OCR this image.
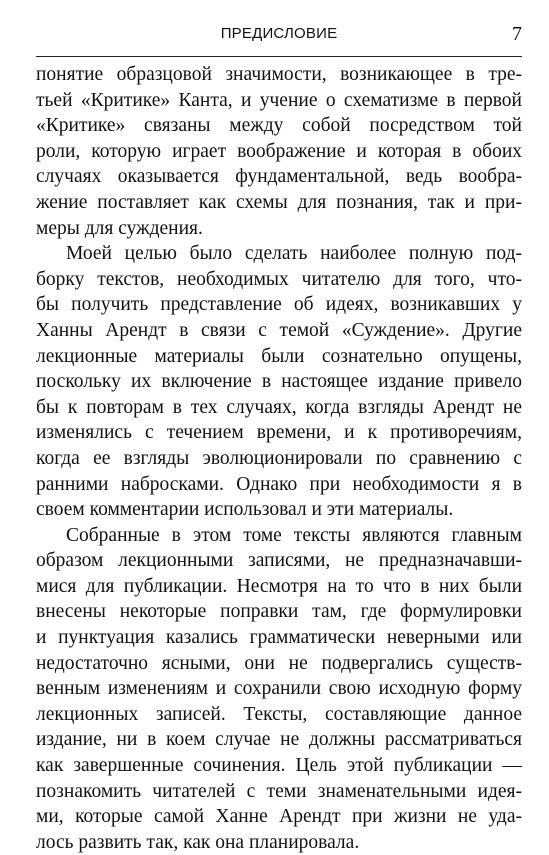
ПРЕДИСЛОВИЕ	7
понятие образцовой значимости, возникающее в тре-
тьей «Критике» Канта, и учение о схематизме в первой
«Критике» связаны между собой посредством той
роли, которую играет воображение и которая в обоих
случаях оказывается фундаментальной, ведь вообра-
жение поставляет как схемы для познания, так и при-
меры для суждения.
Моей целью было сделать наиболее полную под-
борку текстов, необходимых читателю для того, что-
бы получить представление об идеях, возникавших у
Ханны Арендт в связи с темой «Суждение». Другие
лекционные материалы были сознательно опущены,
поскольку их включение в настоящее издание привело
бы к повторам в тех случаях, когда взгляды Арендт не
изменялись с течением времени, и к противоречиям,
когда ее взгляды эволюционировали по сравнению с
ранними набросками. Однако при необходимости я в
своем комментарии использовал и эти материалы.
Собранные в этом томе тексты являются главным
образом лекционными записями, не предназначавши-
мися для публикации. Несмотря на то что в них были
внесены некоторые поправки там, где формулировки
и пунктуация казались грамматически неверными или
недостаточно ясными, они не подвергались существ-
венным изменениям и сохранили свою исходную форму
лекционных записей. Тексты, составляющие данное
издание, ни в коем случае не должны рассматриваться
как завершенные сочинения. Цель этой публикации —
познакомить читателей с теми знаменательными идея-
ми, которые самой Ханне Арендт при жизни не уда-
лось развить так, как она планировала.
